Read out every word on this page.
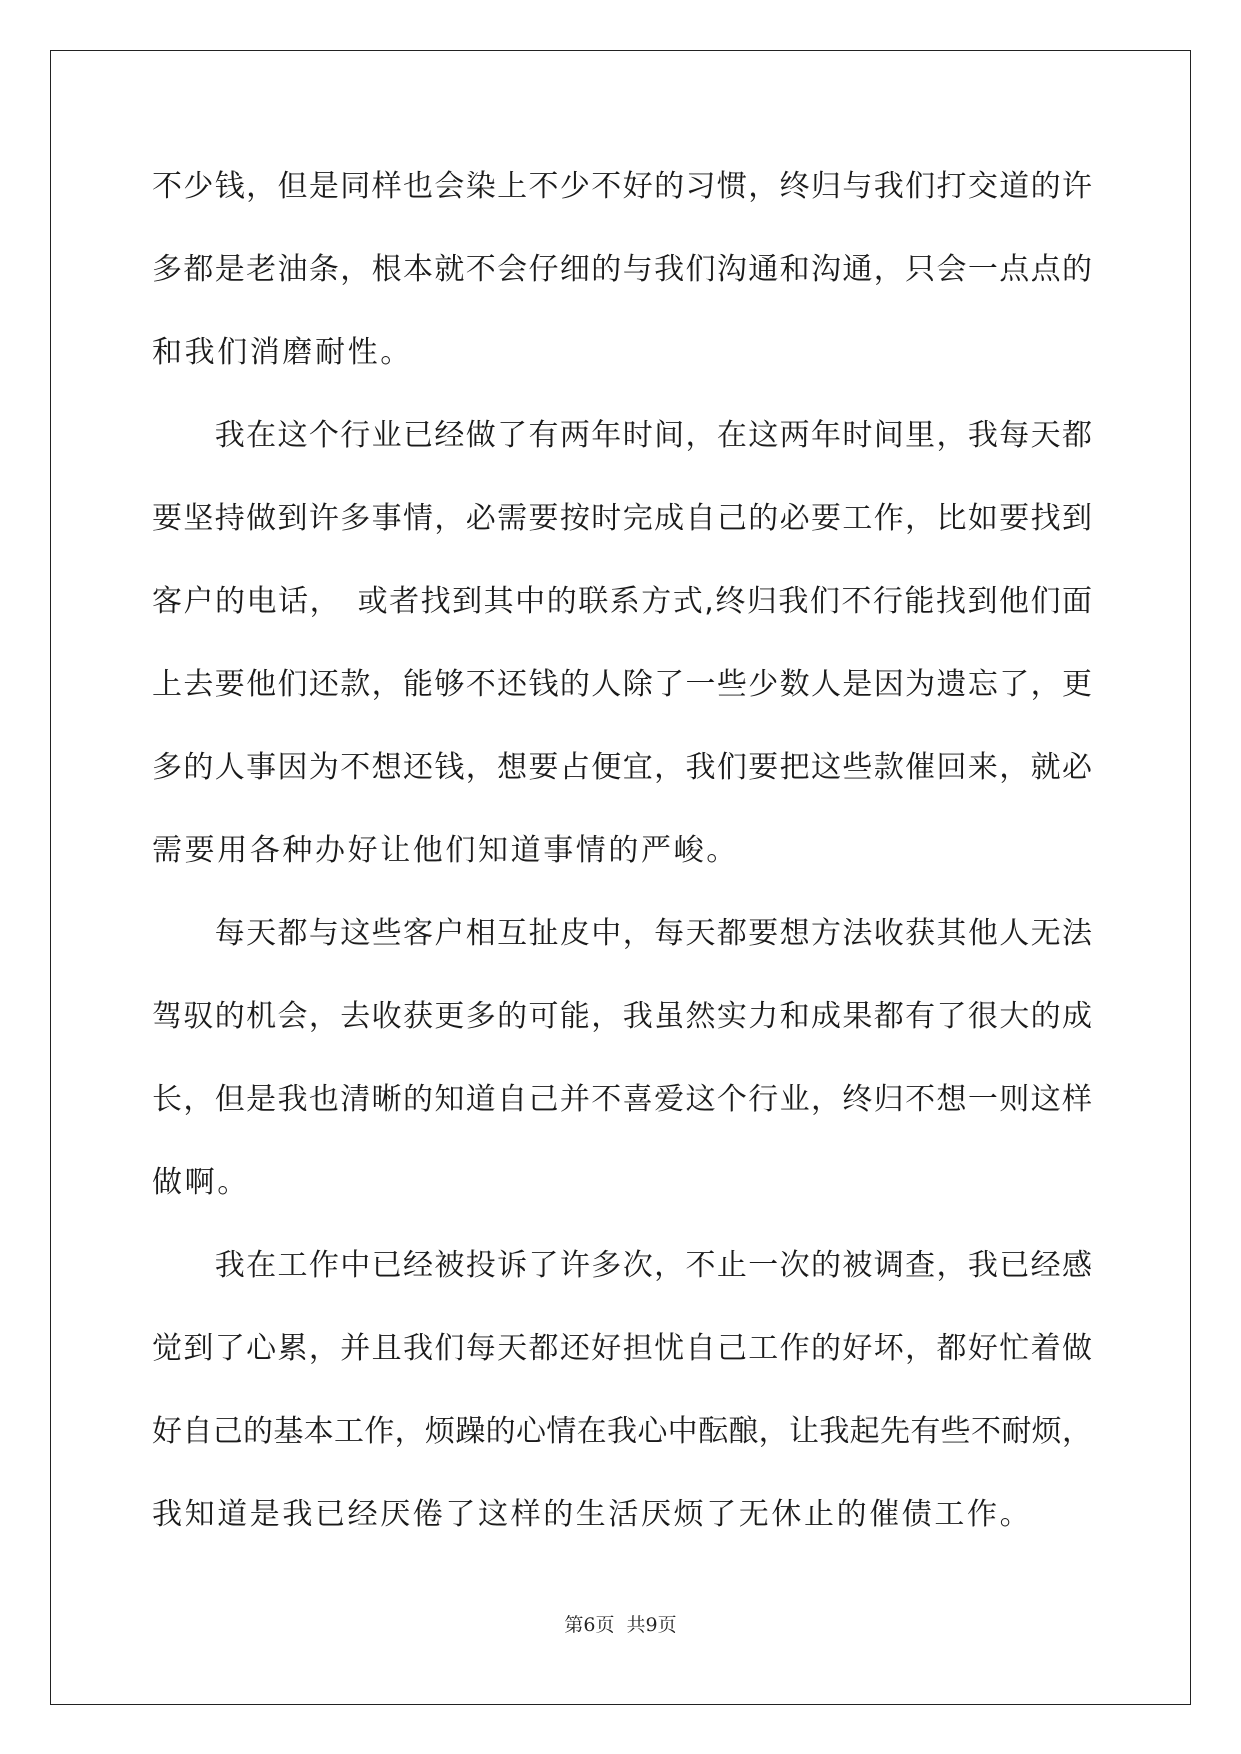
不少钱，但是同样也会染上不少不好的习惯，终归与我们打交道的许
多都是老油条，根本就不会仔细的与我们沟通和沟通，只会一点点的
和我们消磨耐性。
　　我在这个行业已经做了有两年时间，在这两年时间里，我每天都
要坚持做到许多事情，必需要按时完成自己的必要工作，比如要找到
客户的电话，　或者找到其中的联系方式,终归我们不行能找到他们面
上去要他们还款，能够不还钱的人除了一些少数人是因为遗忘了，更
多的人事因为不想还钱，想要占便宜，我们要把这些款催回来，就必
需要用各种办好让他们知道事情的严峻。
　　每天都与这些客户相互扯皮中，每天都要想方法收获其他人无法
驾驭的机会，去收获更多的可能，我虽然实力和成果都有了很大的成
长，但是我也清晰的知道自己并不喜爱这个行业，终归不想一则这样
做啊。
　　我在工作中已经被投诉了许多次，不止一次的被调查，我已经感
觉到了心累，并且我们每天都还好担忧自己工作的好坏，都好忙着做
好自己的基本工作，烦躁的心情在我心中酝酿，让我起先有些不耐烦，
我知道是我已经厌倦了这样的生活厌烦了无休止的催债工作。
第6页 共9页
